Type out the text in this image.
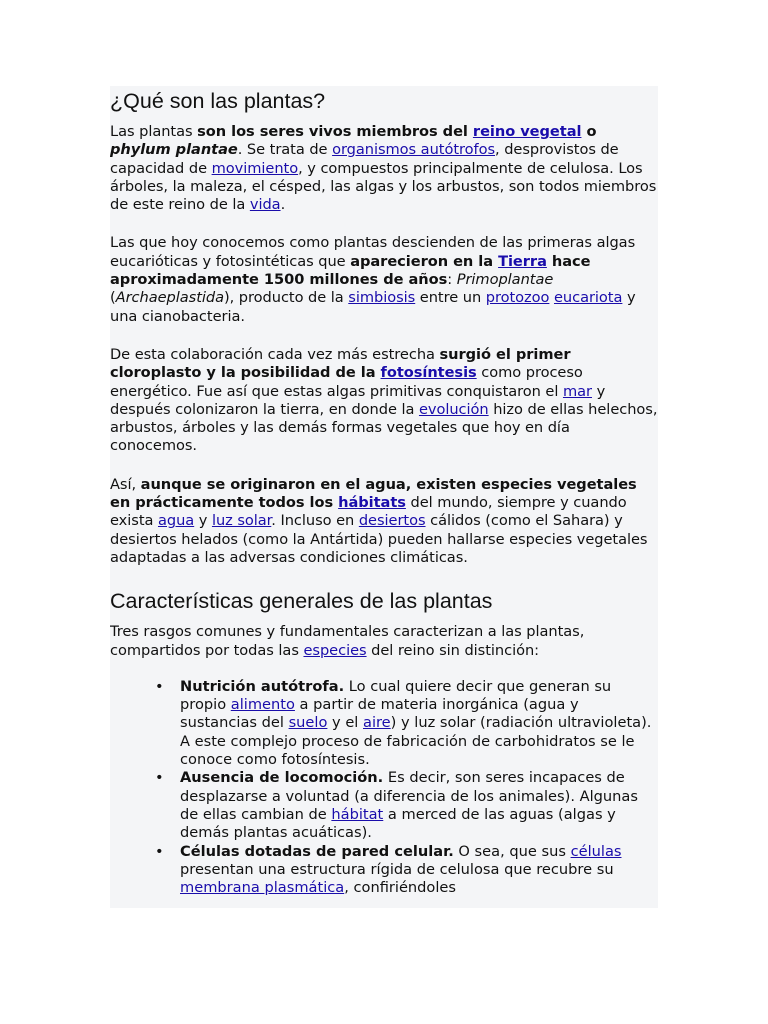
¿Qué son las plantas?

Las plantas son los seres vivos miembros del reino vegetal o phylum plantae. Se trata de organismos autótrofos, desprovistos de capacidad de movimiento, y compuestos principalmente de celulosa. Los árboles, la maleza, el césped, las algas y los arbustos, son todos miembros de este reino de la vida.

Las que hoy conocemos como plantas descienden de las primeras algas eucarióticas y fotosintéticas que aparecieron en la Tierra hace aproximadamente 1500 millones de años: Primoplantae (Archaeplastida), producto de la simbiosis entre un protozoo eucariota y una cianobacteria.

De esta colaboración cada vez más estrecha surgió el primer cloroplasto y la posibilidad de la fotosíntesis como proceso energético. Fue así que estas algas primitivas conquistaron el mar y después colonizaron la tierra, en donde la evolución hizo de ellas helechos, arbustos, árboles y las demás formas vegetales que hoy en día conocemos.

Así, aunque se originaron en el agua, existen especies vegetales en prácticamente todos los hábitats del mundo, siempre y cuando exista agua y luz solar. Incluso en desiertos cálidos (como el Sahara) y desiertos helados (como la Antártida) pueden hallarse especies vegetales adaptadas a las adversas condiciones climáticas.

Características generales de las plantas

Tres rasgos comunes y fundamentales caracterizan a las plantas, compartidos por todas las especies del reino sin distinción:

• Nutrición autótrofa. Lo cual quiere decir que generan su propio alimento a partir de materia inorgánica (agua y sustancias del suelo y el aire) y luz solar (radiación ultravioleta). A este complejo proceso de fabricación de carbohidratos se le conoce como fotosíntesis.
• Ausencia de locomoción. Es decir, son seres incapaces de desplazarse a voluntad (a diferencia de los animales). Algunas de ellas cambian de hábitat a merced de las aguas (algas y demás plantas acuáticas).
• Células dotadas de pared celular. O sea, que sus células presentan una estructura rígida de celulosa que recubre su membrana plasmática, confiriéndoles
